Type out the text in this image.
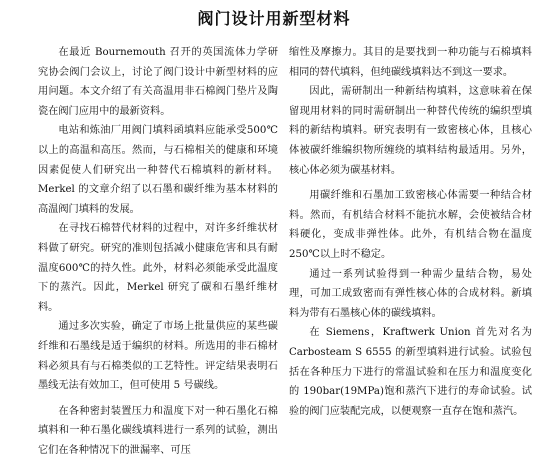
阀门设计用新型材料

在最近 Bournemouth 召开的英国流体力学研究协会阀门会议上，讨论了阀门设计中新型材料的应用问题。本文介绍了有关高温用非石棉阀门垫片及陶瓷在阀门应用中的最新资料。

电站和炼油厂用阀门填料函填料应能承受500℃以上的高温和高压。然而，与石棉相关的健康和环境因素促使人们研究出一种替代石棉填料的新材料。Merkel 的文章介绍了以石墨和碳纤维为基本材料的高温阀门填料的发展。

在寻找石棉替代材料的过程中，对许多纤维状材料做了研究。研究的准则包括减小健康危害和具有耐温度600℃的持久性。此外，材料必须能承受此温度下的蒸汽。因此，Merkel 研究了碳和石墨纤维材料。

通过多次实验，确定了市场上批量供应的某些碳纤维和石墨线是适于编织的材料。所选用的非石棉材料必须具有与石棉类似的工艺特性。评定结果表明石墨线无法有效加工，但可使用 5 号碳线。

在各种密封装置压力和温度下对一种石墨化石棉填料和一种石墨化碳线填料进行一系列的试验，测出它们在各种情况下的泄漏率、可压

缩性及摩擦力。其目的是要找到一种功能与石棉填料相同的替代填料，但纯碳线填料达不到这一要求。

因此，需研制出一种新结构填料，这意味着在保留现用材料的同时需研制出一种替代传统的编织型填料的新结构填料。研究表明有一致密核心体，且核心体被碳纤维编织物所缠绕的填料结构最适用。另外，核心体必须为碳基材料。

用碳纤维和石墨加工致密核心体需要一种结合材料。然而，有机结合材料不能抗水解，会使被结合材料硬化，变成非弹性体。此外，有机结合物在温度 250℃以上时不稳定。

通过一系列试验得到一种需少量结合物，易处理，可加工成致密而有弹性核心体的合成材料。新填料为带有石墨核心体的碳线填料。

在 Siemens，Kraftwerk Union 首先对名为 Carbosteam S 6555 的新型填料进行试验。试验包括在各种压力下进行的常温试验和在压力和温度变化的 190bar(19MPa)饱和蒸汽下进行的寿命试验。试验的阀门应装配完成，以便观察一直存在饱和蒸汽。
